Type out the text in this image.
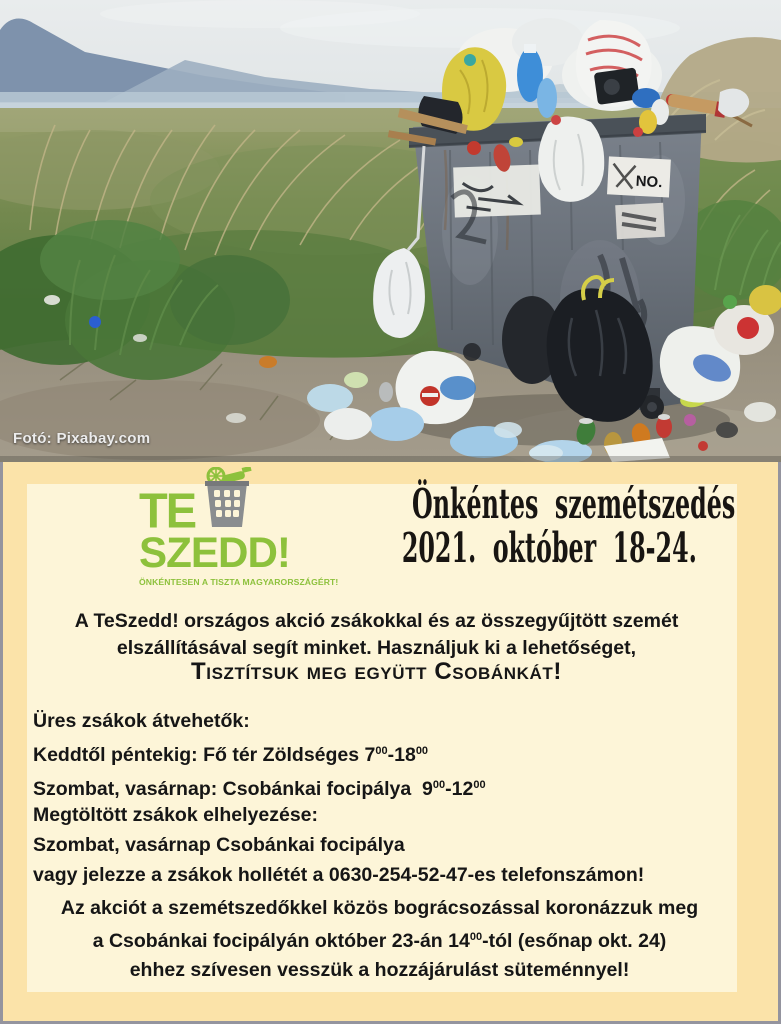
NO.
Fotó: Pixabay.com
TE
SZEDD!
ÖNKÉNTESEN A TISZTA MAGYARORSZÁGÉRT!
Önkéntes szemétszedés
2021. október 18-24.
A TeSzedd! országos akció zsákokkal és az összegyűjtött szemét
elszállításával segít minket. Használjuk ki a lehetőséget,
Tisztítsuk meg együtt Csobánkát!
Üres zsákok átvehetők:
Keddtől péntekig: Fő tér Zöldséges $7^{00}-18^{00}$
Szombat, vasárnap: Csobánkai focipálya  $9^{00}-12^{00}$
Megtöltött zsákok elhelyezése:
Szombat, vasárnap Csobánkai focipálya
vagy jelezze a zsákok hollétét a 0630-254-52-47-es telefonszámon!
Az akciót a szemétszedőkkel közös bográcsozással koronázzuk meg
a Csobánkai focipályán október 23-án $14^{00}$-tól (esőnap okt. 24)
ehhez szívesen vesszük a hozzájárulást süteménnyel!
